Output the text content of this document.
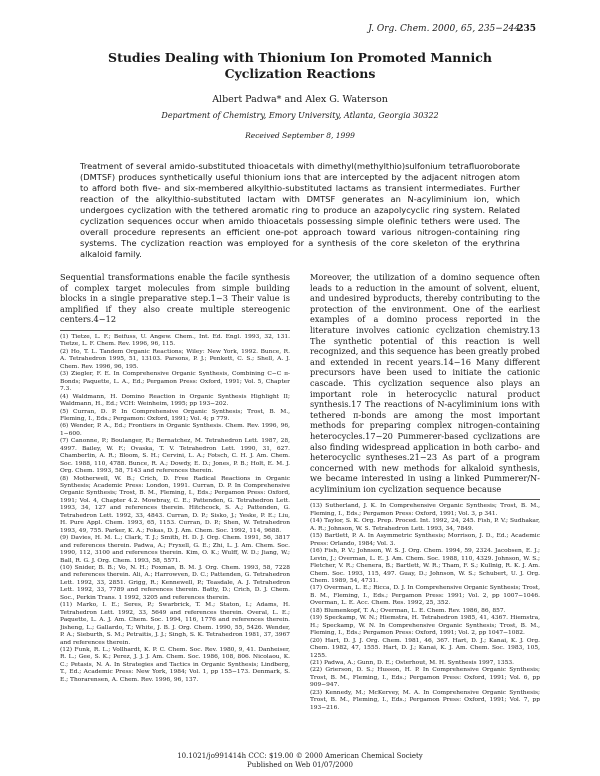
J. Org. Chem. 2000, 65, 235−244
235
Studies Dealing with Thionium Ion Promoted Mannich
Cyclization Reactions
Albert Padwa* and Alex G. Waterson
Department of Chemistry, Emory University, Atlanta, Georgia 30322
Received September 8, 1999

Treatment of several amido-substituted thioacetals with dimethyl(methylthio)sulfonium tetrafluoroborate (DMTSF) produces synthetically useful thionium ions that are intercepted by the adjacent nitrogen atom to afford both five- and six-membered alkylthio-substituted lactams as transient intermediates. Further reaction of the alkylthio-substituted lactam with DMTSF generates an N-acyliminium ion, which undergoes cyclization with the tethered aromatic ring to produce an azapolycyclic ring system. Related cyclization sequences occur when amido thioacetals possessing simple olefinic tethers were used. The overall procedure represents an efficient one-pot approach toward various nitrogen-containing ring systems. The cyclization reaction was employed for a synthesis of the core skeleton of the erythrina alkaloid family.

Sequential transformations enable the facile synthesis of complex target molecules from simple building blocks in a single preparative step.1−3 Their value is amplified if they also create multiple stereogenic centers.4−12

(1) Tietze, L. F.; Beifuss, U. Angew. Chem., Int. Ed. Engl. 1993, 32, 131. Tietze, L. F. Chem. Rev. 1996, 96, 115.

(2) Ho, T. L. Tandem Organic Reactions; Wiley: New York, 1992. Bunce, R. A. Tetrahedron 1995, 51, 13103. Parsons, P. J.; Penkett, C. S.; Shell, A. J. Chem. Rev. 1996, 96, 195.

(3) Ziegler, F. E. In Comprehensive Organic Synthesis, Combining C−C π-Bonds; Paquette, L. A., Ed.; Pergamon Press: Oxford, 1991; Vol. 5, Chapter 7.3.

(4) Waldmann, H. Domino Reaction in Organic Synthesis Highlight II; Waldmann, H., Ed.; VCH: Weinheim, 1995; pp 193−202.

(5) Curran, D. P. In Comprehensive Organic Synthesis; Trost, B. M., Fleming, I., Eds.; Pergamon: Oxford, 1991; Vol. 4; p 779.

(6) Wender, P. A., Ed.; Frontiers in Organic Synthesis. Chem. Rev. 1996, 96, 1−600.

(7) Canonne, P.; Boulanger, R.; Bernatchez, M. Tetrahedron Lett. 1987, 28, 4997. Bailey, W. F.; Ovaska, T. V. Tetrahedron Lett. 1990, 31, 627. Chamberlin, A. R.; Bloom, S. H.; Cervini, L. A.; Fotsch, C. H. J. Am. Chem. Soc. 1988, 110, 4788. Bunce, R. A.; Dowdy, E. D.; Jones, P. B.; Holt, E. M. J. Org. Chem. 1993, 58, 7143 and references therein.

(8) Motherwell, W. B.; Crich, D. Free Radical Reactions in Organic Synthesis; Academic Press: London, 1991. Curran, D. P. In Comprehensive Organic Synthesis; Trost, B. M., Fleming, I., Eds.; Pergamon Press: Oxford, 1991; Vol. 4, Chapter 4.2. Mowbray, C. E.; Pattenden, G. Tetrahedron Lett. 1993, 34, 127 and references therein. Hitchcock, S. A.; Pattenden, G. Tetrahedron Lett. 1992, 33, 4843. Curran, D. P.; Sisko, J.; Yeske, P. E.; Liu, H. Pure Appl. Chem. 1993, 65, 1153. Curran, D. P.; Shen, W. Tetrahedron 1993, 49, 755. Parker, K. A.; Fokas, D. J. Am. Chem. Soc. 1992, 114, 9688.

(9) Davies, H. M. L.; Clark, T. J.; Smith, H. D. J. Org. Chem. 1991, 56, 3817 and references therein. Padwa, A.; Fryxell, G. E.; Zhi, L. J. Am. Chem. Soc. 1990, 112, 3100 and references therein. Kim, O. K.; Wulff, W. D.; Jiang, W.; Ball, R. G. J. Org. Chem. 1993, 58, 5571.

(10) Snider, B. B.; Vo, N. H.; Foxman, B. M. J. Org. Chem. 1993, 58, 7228 and references therein. Ali, A.; Harrowven, D. C.; Pattenden, G. Tetrahedron Lett. 1992, 33, 2851. Grigg, R.; Kennewell, P.; Teasdale, A. J. Tetrahedron Lett. 1992, 33, 7789 and references therein. Batty, D.; Crich, D. J. Chem. Soc., Perkin Trans. 1 1992, 3205 and references therein.

(11) Marko, I. E.; Seres, P.; Swarbrick, T. M.; Staton, I.; Adams, H. Tetrahedron Lett. 1992, 33, 5649 and references therein. Overal, L. E.; Paquette, L. A. J. Am. Chem. Soc. 1994, 116, 1776 and references therein. Jisheng, L.; Gallardo, T.; White, J. B. J. Org. Chem. 1990, 55, 5426. Wender, P. A.; Sieburth, S. M.; Petraitis, J. J.; Singh, S. K. Tetrahedron 1981, 37, 3967 and references therein.

(12) Funk, R. L.; Vollhardt, K. P. C. Chem. Soc. Rev. 1980, 9, 41. Danheiser, R. L.; Gee, S. K.; Perez, J. J. J. Am. Chem. Soc. 1986, 108, 806. Nicolaou, K. C.; Petasis, N. A. In Strategies and Tactics in Organic Synthesis; Lindberg, T., Ed.; Academic Press: New York, 1984; Vol. 1, pp 155−173. Denmark, S. E.; Thorarensen, A. Chem. Rev. 1996, 96, 137.

Moreover, the utilization of a domino sequence often leads to a reduction in the amount of solvent, eluent, and undesired byproducts, thereby contributing to the protection of the environment. One of the earliest examples of a domino process reported in the literature involves cationic cyclization chemistry.13 The synthetic potential of this reaction is well recognized, and this sequence has been greatly probed and extended in recent years.14−16 Many different precursors have been used to initiate the cationic cascade. This cyclization sequence also plays an important role in heterocyclic natural product synthesis.17 The reactions of N-acyliminium ions with tethered π-bonds are among the most important methods for preparing complex nitrogen-containing heterocycles.17−20 Pummerer-based cyclizations are also finding widespread application in both carbo- and heterocyclic syntheses.21−23 As part of a program concerned with new methods for alkaloid synthesis, we became interested in using a linked Pummerer/N-acyliminium ion cyclization sequence because

(13) Sutherland, J. K. In Comprehensive Organic Synthesis; Trost, B. M., Fleming, I., Eds.; Pergamon Press: Oxford, 1991; Vol. 3, p 341.

(14) Taylor, S. K. Org. Prep. Proced. Int. 1992, 24, 245. Fish, P. V.; Sudhakar, A. R.; Johnson, W. S. Tetrahedron Lett. 1993, 34, 7849.

(15) Bartlett, P. A. In Asymmetric Synthesis; Morrison, J. D., Ed.; Academic Press: Orlando, 1984; Vol. 3.

(16) Fish, P. V.; Johnson, W. S. J. Org. Chem. 1994, 59, 2324. Jacobsen, E. J.; Levin, J.; Overman, L. E. J. Am. Chem. Soc. 1988, 110, 4329. Johnson, W. S.; Fletcher, V. R.; Chenera, B.; Bartlett, W. R.; Tham, F. S.; Kullnig, R. K. J. Am. Chem. Soc. 1993, 115, 497. Guay, D.; Johnson, W. S.; Schubert, U. J. Org. Chem. 1989, 54, 4731.

(17) Overman, L. E.; Ricca, D. J. In Comprehensive Organic Synthesis; Trost, B. M., Fleming, I., Eds.; Pergamon Press: 1991; Vol. 2, pp 1007−1046. Overman, L. E. Acc. Chem. Res. 1992, 25, 352.

(18) Blumenkopf, T. A.; Overman, L. E. Chem. Rev. 1986, 86, 857.

(19) Speckamp, W. N.; Hiemstra, H. Tetrahedron 1985, 41, 4367. Hiemstra, H.; Speckamp, W. N. In Comprehensive Organic Synthesis; Trost, B. M., Fleming, I., Eds.; Pergamon Press: Oxford, 1991; Vol. 2, pp 1047−1082.

(20) Hart, D. J. J. Org. Chem. 1981, 46, 367. Hart, D. J.; Kanai, K. J. Org. Chem. 1982, 47, 1555. Hart, D. J.; Kanai, K. J. Am. Chem. Soc. 1983, 105, 1255.

(21) Padwa, A.; Gunn, D. E.; Osterhout, M. H. Synthesis 1997, 1353.

(22) Grierson, D. S.; Husson, H. P. In Comprehensive Organic Synthesis; Trost, B. M., Fleming, I., Eds.; Pergamon Press: Oxford, 1991; Vol. 6, pp 909−947.

(23) Kennedy, M.; McKervey, M. A. In Comprehensive Organic Synthesis; Trost, B. M., Fleming, I., Eds.; Pergamon Press: Oxford, 1991; Vol. 7, pp 193−216.

10.1021/jo991414h CCC: $19.00 © 2000 American Chemical Society
Published on Web 01/07/2000
